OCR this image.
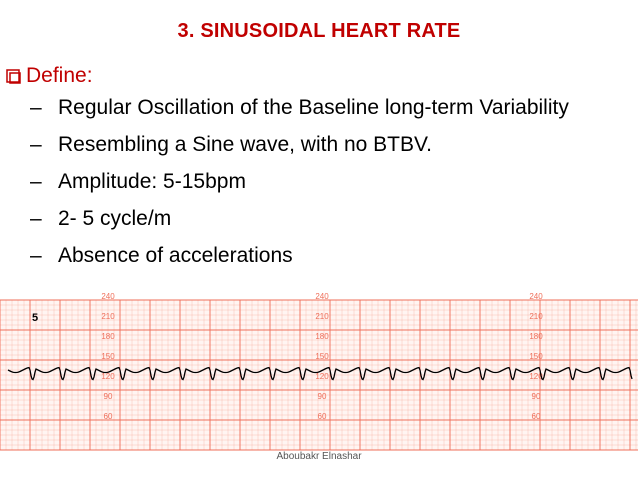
3. SINUSOIDAL HEART RATE
Define:
– Regular Oscillation of the Baseline long-term Variability
– Resembling a Sine wave, with no BTBV.
– Amplitude: 5-15bpm
– 2- 5 cycle/m
– Absence of accelerations
240
210
180
150
120
90
60
240
210
180
150
120
90
60
240
210
180
150
120
90
60
5
Aboubakr Elnashar
